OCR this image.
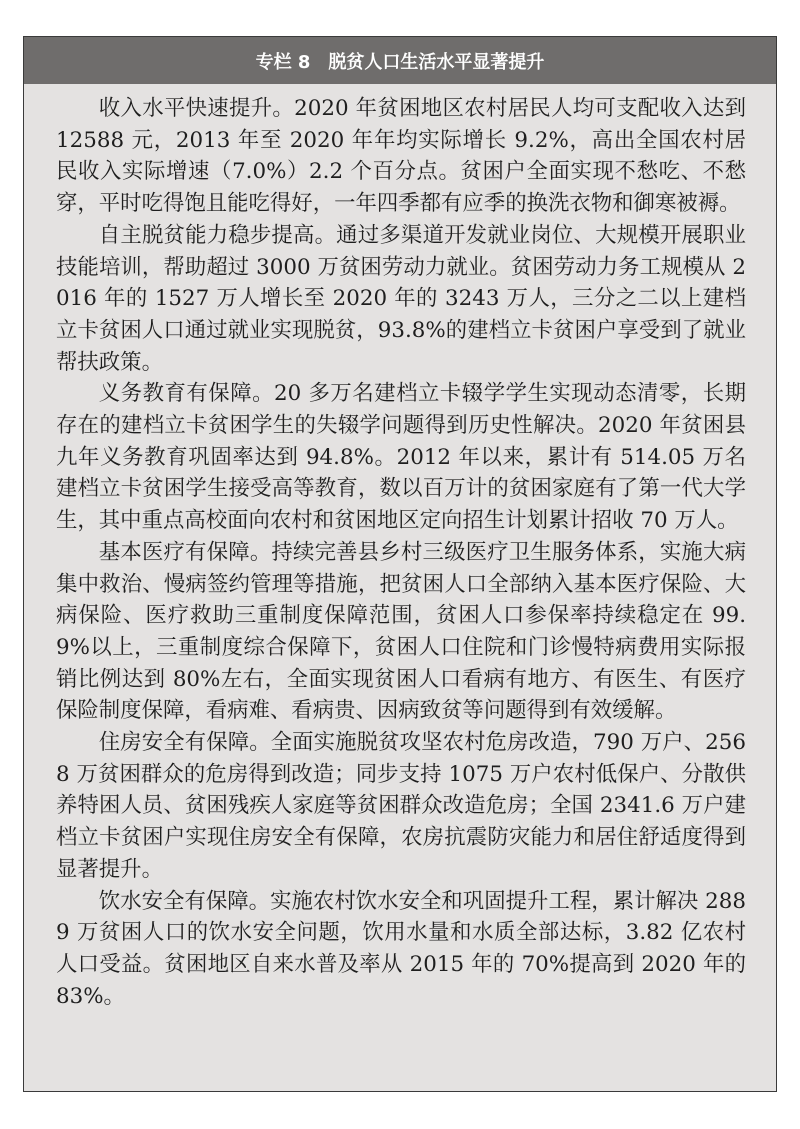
专栏 8 脱贫人口生活水平显著提升

收入水平快速提升。2020 年贫困地区农村居民人均可支配收入达到 12588 元，2013 年至 2020 年年均实际增长 9.2%，高出全国农村居民收入实际增速（7.0%）2.2 个百分点。贫困户全面实现不愁吃、不愁穿，平时吃得饱且能吃得好，一年四季都有应季的换洗衣物和御寒被褥。

自主脱贫能力稳步提高。通过多渠道开发就业岗位、大规模开展职业技能培训，帮助超过 3000 万贫困劳动力就业。贫困劳动力务工规模从 2016 年的 1527 万人增长至 2020 年的 3243 万人，三分之二以上建档立卡贫困人口通过就业实现脱贫，93.8%的建档立卡贫困户享受到了就业帮扶政策。

义务教育有保障。20 多万名建档立卡辍学学生实现动态清零，长期存在的建档立卡贫困学生的失辍学问题得到历史性解决。2020 年贫困县九年义务教育巩固率达到 94.8%。2012 年以来，累计有 514.05 万名建档立卡贫困学生接受高等教育，数以百万计的贫困家庭有了第一代大学生，其中重点高校面向农村和贫困地区定向招生计划累计招收 70 万人。

基本医疗有保障。持续完善县乡村三级医疗卫生服务体系，实施大病集中救治、慢病签约管理等措施，把贫困人口全部纳入基本医疗保险、大病保险、医疗救助三重制度保障范围，贫困人口参保率持续稳定在 99.9%以上，三重制度综合保障下，贫困人口住院和门诊慢特病费用实际报销比例达到 80%左右，全面实现贫困人口看病有地方、有医生、有医疗保险制度保障，看病难、看病贵、因病致贫等问题得到有效缓解。

住房安全有保障。全面实施脱贫攻坚农村危房改造，790 万户、2568 万贫困群众的危房得到改造；同步支持 1075 万户农村低保户、分散供养特困人员、贫困残疾人家庭等贫困群众改造危房；全国 2341.6 万户建档立卡贫困户实现住房安全有保障，农房抗震防灾能力和居住舒适度得到显著提升。

饮水安全有保障。实施农村饮水安全和巩固提升工程，累计解决 2889 万贫困人口的饮水安全问题，饮用水量和水质全部达标，3.82 亿农村人口受益。贫困地区自来水普及率从 2015 年的 70%提高到 2020 年的 83%。
